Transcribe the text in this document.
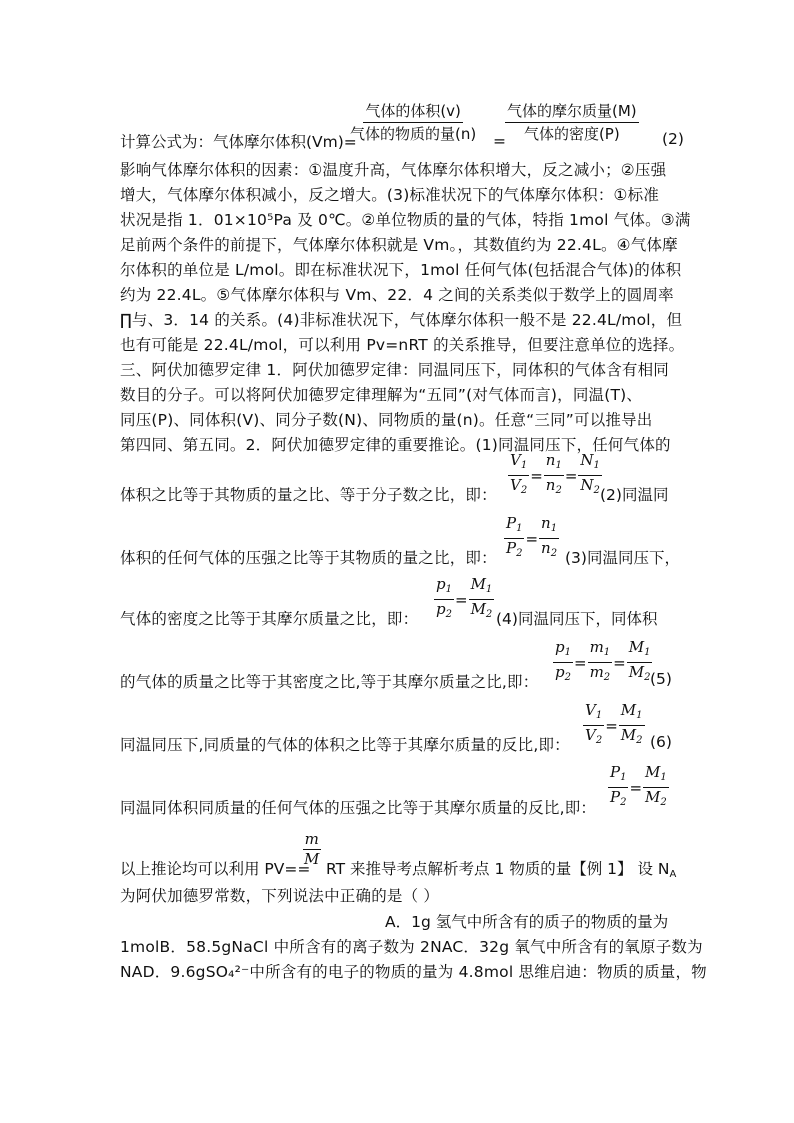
气体的体积(v)
气体的物质的量(n) =
气体的摩尔质量(M)
气体的密度(P)
计算公式为：气体摩尔体积(Vm)=	(2)
影响气体摩尔体积的因素：①温度升高，气体摩尔体积增大，反之减小；②压强
增大，气体摩尔体积减小，反之增大。(3)标准状况下的气体摩尔体积：①标准
状况是指 1．01×10⁵Pa 及 0℃。②单位物质的量的气体，特指 1mol 气体。③满
足前两个条件的前提下，气体摩尔体积就是 Vm。，其数值约为 22.4L。④气体摩
尔体积的单位是 L/mol。即在标准状况下，1mol 任何气体(包括混合气体)的体积
约为 22.4L。⑤气体摩尔体积与 Vm、22．4 之间的关系类似于数学上的圆周率
∏与、3．14 的关系。(4)非标准状况下，气体摩尔体积一般不是 22.4L/mol，但
也有可能是 22.4L/mol，可以利用 Pv=nRT 的关系推导，但要注意单位的选择。
三、阿伏加德罗定律 1．阿伏加德罗定律：同温同压下，同体积的气体含有相同
数目的分子。可以将阿伏加德罗定律理解为“五同”(对气体而言)，同温(T)、
同压(P)、同体积(V)、同分子数(N)、同物质的量(n)。任意“三同”可以推导出
第四同、第五同。2．阿伏加德罗定律的重要推论。(1)同温同压下，任何气体的
体积之比等于其物质的量之比、等于分子数之比，即： $\frac{V_1}{V_2} = \frac{n_1}{n_2} = \frac{N_1}{N_2}$
(2)同温同
体积的任何气体的压强之比等于其物质的量之比，即： $\frac{P_1}{P_2} = \frac{n_1}{n_2} (3)$同温同压下，
气体的密度之比等于其摩尔质量之比，即： $\frac{p_1}{p_2} = \frac{M_1}{M_2} (4)$同温同压下，同体积
的气体的质量之比等于其密度之比,等于其摩尔质量之比,即： $\frac{p_1}{p_2} = \frac{m_1}{m_2} = \frac{M_1}{M_2}$
(5)
同温同压下,同质量的气体的体积之比等于其摩尔质量的反比,即： $\frac{V_1}{V_2} = \frac{M_1}{M_2} (6)$
同温同体积同质量的任何气体的压强之比等于其摩尔质量的反比,即： $\frac{P_1}{P_2} = \frac{M_1}{M_2}$
以上推论均可以利用 PV==
$\frac{m}{M}$
RT 来推导考点解析考点 1 物质的量【例 1】 设 $N_A$
为阿伏加德罗常数，下列说法中正确的是（ ）
A．1g 氢气中所含有的质子的物质的量为
1molB．58.5gNaCl 中所含有的离子数为 2NAC．32g 氧气中所含有的氧原子数为
NAD．9.6gSO₄²⁻中所含有的电子的物质的量为 4.8mol 思维启迪：物质的质量，物
